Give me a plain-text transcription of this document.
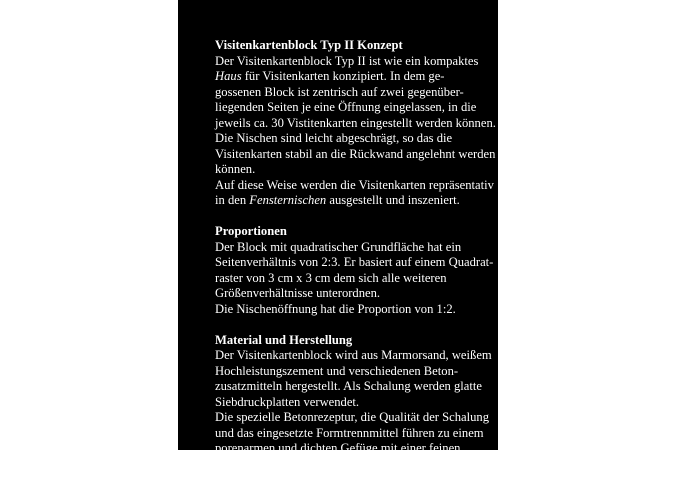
Visitenkartenblock Typ II Konzept
Der Visitenkartenblock Typ II ist wie ein kompaktes
Haus für Visitenkarten konzipiert. In dem ge-
gossenen Block ist zentrisch auf zwei gegenüber-
liegenden Seiten je eine Öffnung eingelassen, in die
jeweils ca. 30 Vistitenkarten eingestellt werden können.
Die Nischen sind leicht abgeschrägt, so das die
Visitenkarten stabil an die Rückwand angelehnt werden
können.
Auf diese Weise werden die Visitenkarten repräsentativ
in den Fensternischen ausgestellt und inszeniert.
Proportionen
Der Block mit quadratischer Grundfläche hat ein
Seitenverhältnis von 2:3. Er basiert auf einem Quadrat-
raster von 3 cm x 3 cm dem sich alle weiteren
Größenverhältnisse unterordnen.
Die Nischenöffnung hat die Proportion von 1:2.
Material und Herstellung
Der Visitenkartenblock wird aus Marmorsand, weißem
Hochleistungszement und verschiedenen Beton-
zusatzmitteln hergestellt. Als Schalung werden glatte
Siebdruckplatten verwendet.
Die spezielle Betonrezeptur, die Qualität der Schalung
und das eingesetzte Formtrennmittel führen zu einem
porenarmen und dichten Gefüge mit einer feinen
Oberflächenqualität.
Das Material wird höchsten Anforderungen bezüglich
